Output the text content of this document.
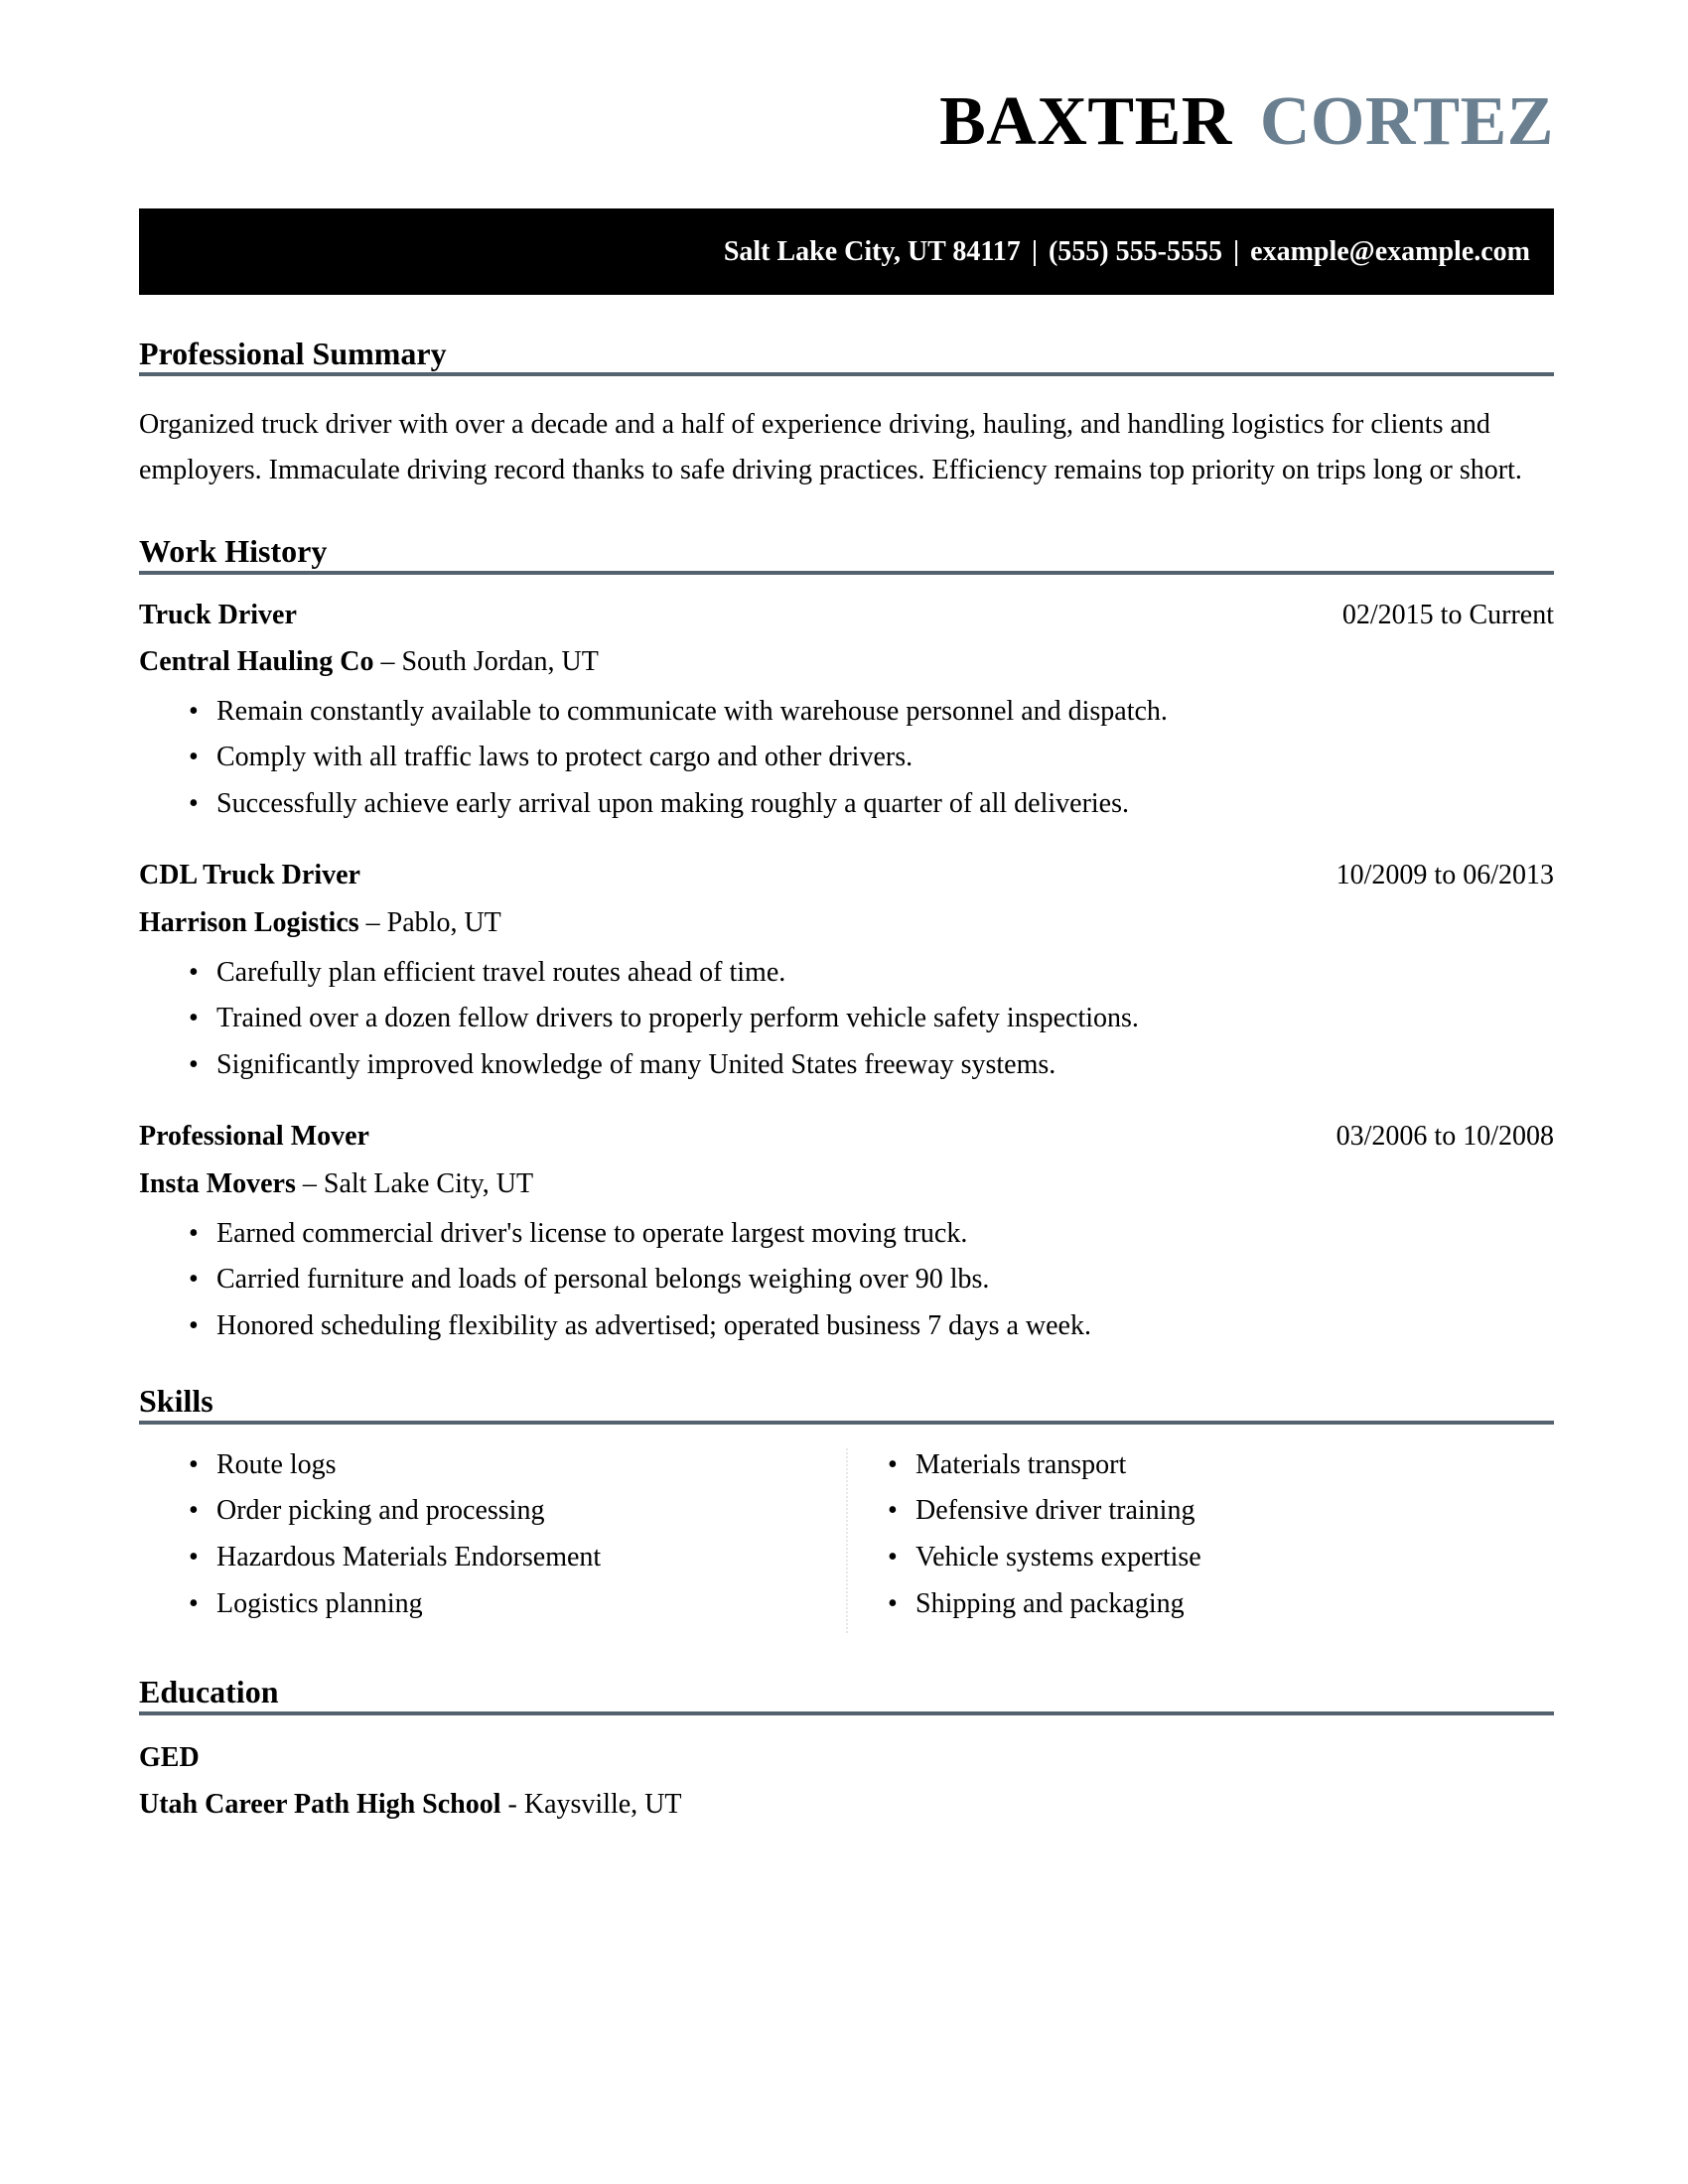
BAXTER CORTEZ
Salt Lake City, UT 84117 | (555) 555-5555 | example@example.com
Professional Summary
Organized truck driver with over a decade and a half of experience driving, hauling, and handling logistics for clients and employers. Immaculate driving record thanks to safe driving practices. Efficiency remains top priority on trips long or short.
Work History
Truck Driver	02/2015 to Current
Central Hauling Co – South Jordan, UT
• Remain constantly available to communicate with warehouse personnel and dispatch.
• Comply with all traffic laws to protect cargo and other drivers.
• Successfully achieve early arrival upon making roughly a quarter of all deliveries.
CDL Truck Driver	10/2009 to 06/2013
Harrison Logistics – Pablo, UT
• Carefully plan efficient travel routes ahead of time.
• Trained over a dozen fellow drivers to properly perform vehicle safety inspections.
• Significantly improved knowledge of many United States freeway systems.
Professional Mover	03/2006 to 10/2008
Insta Movers – Salt Lake City, UT
• Earned commercial driver's license to operate largest moving truck.
• Carried furniture and loads of personal belongs weighing over 90 lbs.
• Honored scheduling flexibility as advertised; operated business 7 days a week.
Skills
• Route logs
• Order picking and processing
• Hazardous Materials Endorsement
• Logistics planning
• Materials transport
• Defensive driver training
• Vehicle systems expertise
• Shipping and packaging
Education
GED
Utah Career Path High School - Kaysville, UT
